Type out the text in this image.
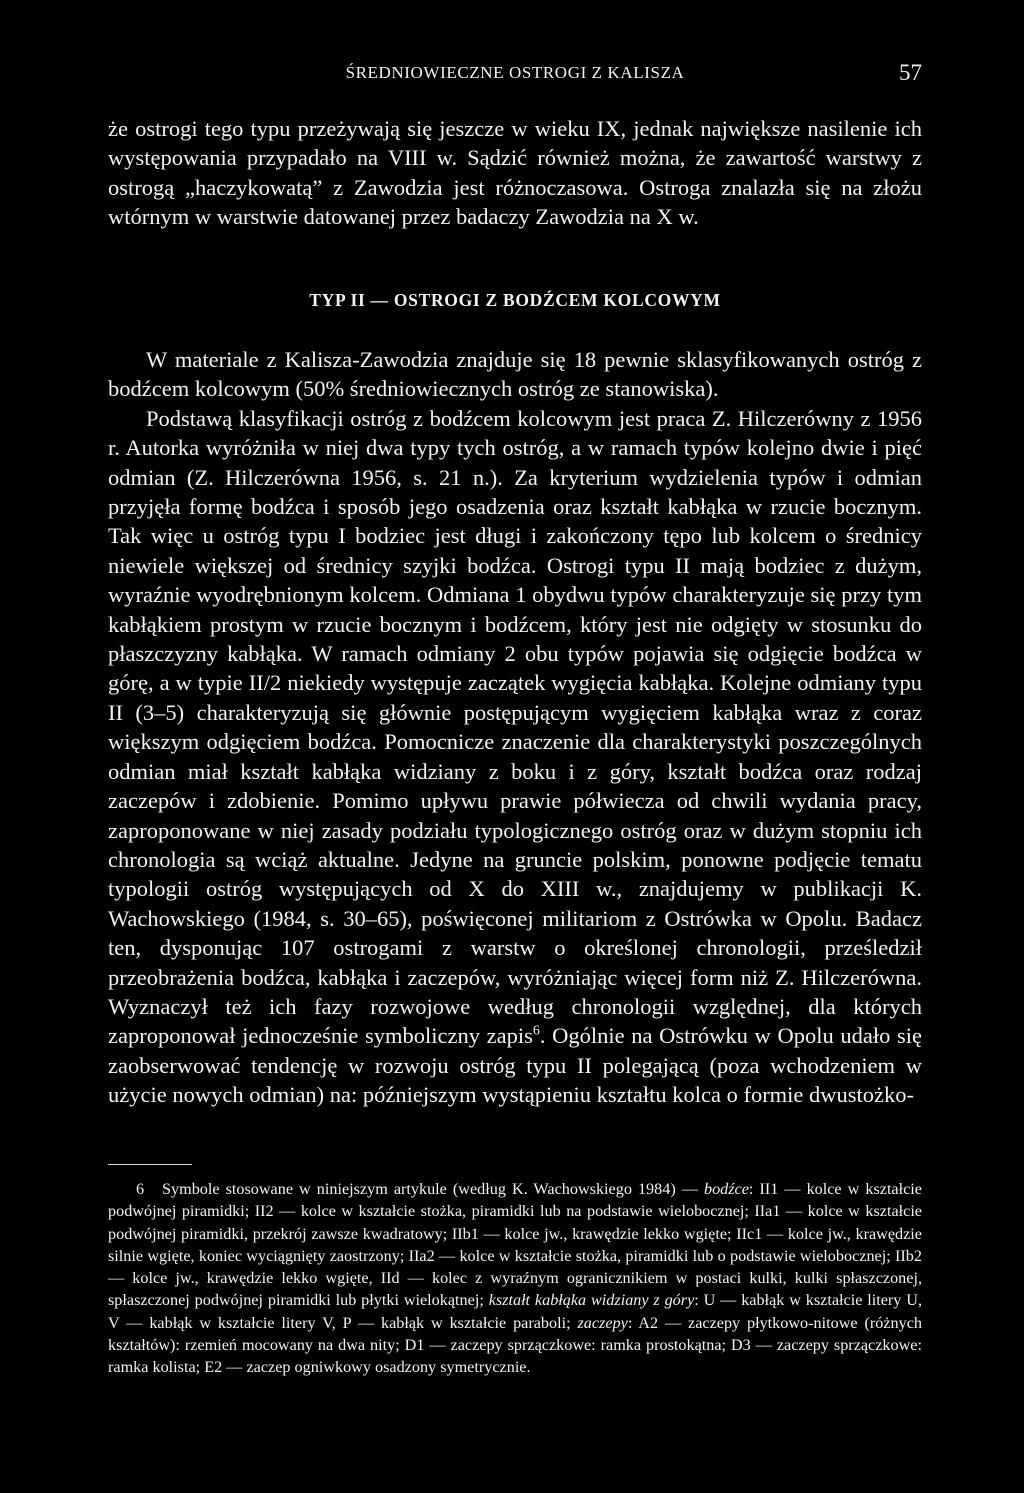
ŚREDNIOWIECZNE OSTROGI Z KALISZA	57

że ostrogi tego typu przeżywają się jeszcze w wieku IX, jednak największe nasilenie ich występowania przypadało na VIII w. Sądzić również można, że zawartość warstwy z ostrogą „haczykowatą” z Zawodzia jest różnoczasowa. Ostroga znalazła się na złożu wtórnym w warstwie datowanej przez badaczy Zawodzia na X w.

TYP II — OSTROGI Z BODŹCEM KOLCOWYM
W materiale z Kalisza-Zawodzia znajduje się 18 pewnie sklasyfikowanych ostróg z bodźcem kolcowym (50% średniowiecznych ostróg ze stanowiska).
Podstawą klasyfikacji ostróg z bodźcem kolcowym jest praca Z. Hilczerówny z 1956 r. Autorka wyróżniła w niej dwa typy tych ostróg, a w ramach typów kolejno dwie i pięć odmian (Z. Hilczerówna 1956, s. 21 n.). Za kryterium wydzielenia typów i odmian przyjęła formę bodźca i sposób jego osadzenia oraz kształt kabłąka w rzucie bocznym. Tak więc u ostróg typu I bodziec jest długi i zakończony tępo lub kolcem o średnicy niewiele większej od średnicy szyjki bodźca. Ostrogi typu II mają bodziec z dużym, wyraźnie wyodrębnionym kolcem. Odmiana 1 obydwu typów charakteryzuje się przy tym kabłąkiem prostym w rzucie bocznym i bodźcem, który jest nie odgięty w stosunku do płaszczyzny kabłąka. W ramach odmiany 2 obu typów pojawia się odgięcie bodźca w górę, a w typie II/2 niekiedy występuje zaczątek wygięcia kabłąka. Kolejne odmiany typu II (3–5) charakteryzują się głównie postępującym wygięciem kabłąka wraz z coraz większym odgięciem bodźca. Pomocnicze znaczenie dla charakterystyki poszczególnych odmian miał kształt kabłąka widziany z boku i z góry, kształt bodźca oraz rodzaj zaczepów i zdobienie. Pomimo upływu prawie półwiecza od chwili wydania pracy, zaproponowane w niej zasady podziału typologicznego ostróg oraz w dużym stopniu ich chronologia są wciąż aktualne. Jedyne na gruncie polskim, ponowne podjęcie tematu typologii ostróg występujących od X do XIII w., znajdujemy w publikacji K. Wachowskiego (1984, s. 30–65), poświęconej militariom z Ostrówka w Opolu. Badacz ten, dysponując 107 ostrogami z warstw o określonej chronologii, prześledził przeobrażenia bodźca, kabłąka i zaczepów, wyróżniając więcej form niż Z. Hilczerówna. Wyznaczył też ich fazy rozwojowe według chronologii względnej, dla których zaproponował jednocześnie symboliczny zapis$^6$. Ogólnie na Ostrówku w Opolu udało się zaobserwować tendencję w rozwoju ostróg typu II polegającą (poza wchodzeniem w użycie nowych odmian) na: późniejszym wystąpieniu kształtu kolca o formie dwustożko-

6 Symbole stosowane w niniejszym artykule (według K. Wachowskiego 1984) — bodźce: II1 — kolce w kształcie podwójnej piramidki; II2 — kolce w kształcie stożka, piramidki lub na podstawie wielobocznej; IIa1 — kolce w kształcie podwójnej piramidki, przekrój zawsze kwadratowy; IIb1 — kolce jw., krawędzie lekko wgięte; IIc1 — kolce jw., krawędzie silnie wgięte, koniec wyciągnięty zaostrzony; IIa2 — kolce w kształcie stożka, piramidki lub o podstawie wielobocznej; IIb2 — kolce jw., krawędzie lekko wgięte, IId — kolec z wyraźnym ogranicznikiem w postaci kulki, kulki spłaszczonej, spłaszczonej podwójnej piramidki lub płytki wielokątnej; kształt kabłąka widziany z góry: U — kabłąk w kształcie litery U, V — kabłąk w kształcie litery V, P — kabłąk w kształcie paraboli; zaczepy: A2 — zaczepy płytkowo-nitowe (różnych kształtów): rzemień mocowany na dwa nity; D1 — zaczepy sprzączkowe: ramka prostokątna; D3 — zaczepy sprzączkowe: ramka kolista; E2 — zaczep ogniwkowy osadzony symetrycznie.
